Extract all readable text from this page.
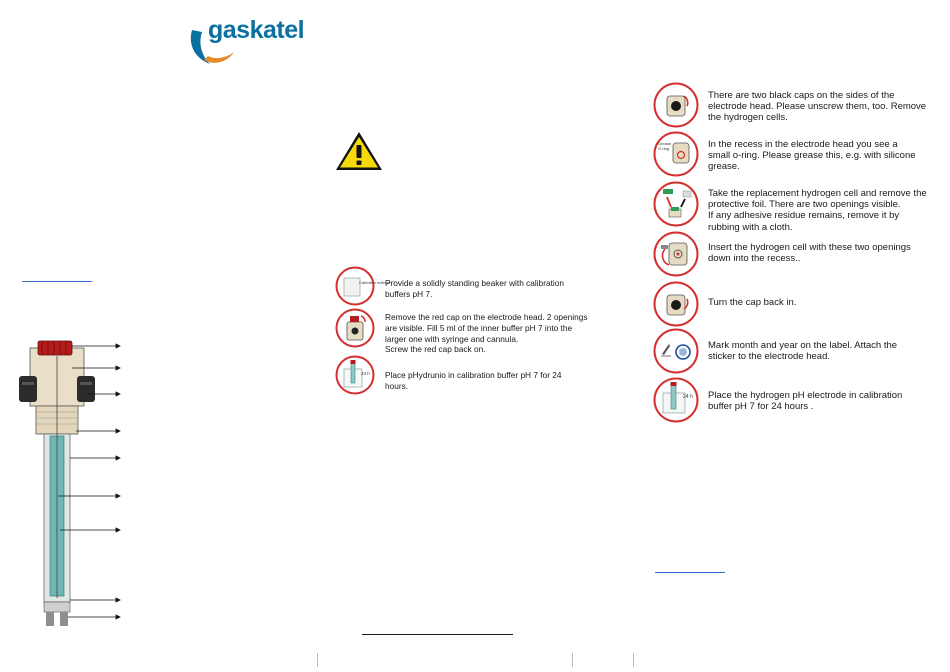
gaskatel
Calibration buffer pH 7
Provide a solidly standing beaker with calibration
buffers pH 7.
Remove the red cap on the electrode head. 2 openings
are visible. Fill 5 ml of the inner buffer pH 7 into the
larger one with syringe and cannula.
Screw the red cap back on.
24 h Place pHydrunio in calibration buffer pH 7 for 24
hours.
There are two black caps on the sides of the
electrode head. Please unscrew them, too. Remove
the hydrogen cells.
Grease
O-ring	In the recess in the electrode head you see a
small o-ring. Please grease this, e.g. with silicone
grease.
Take the replacement hydrogen cell and remove the
protective foil. There are two openings visible.
If any adhesive residue remains, remove it by
rubbing with a cloth.
Insert the hydrogen cell with these two openings
down into the recess..
Turn the cap back in.
Mark month and year on the label. Attach the
sticker to the electrode head.
24 h Place the hydrogen pH electrode in calibration
buffer pH 7 for 24 hours .
